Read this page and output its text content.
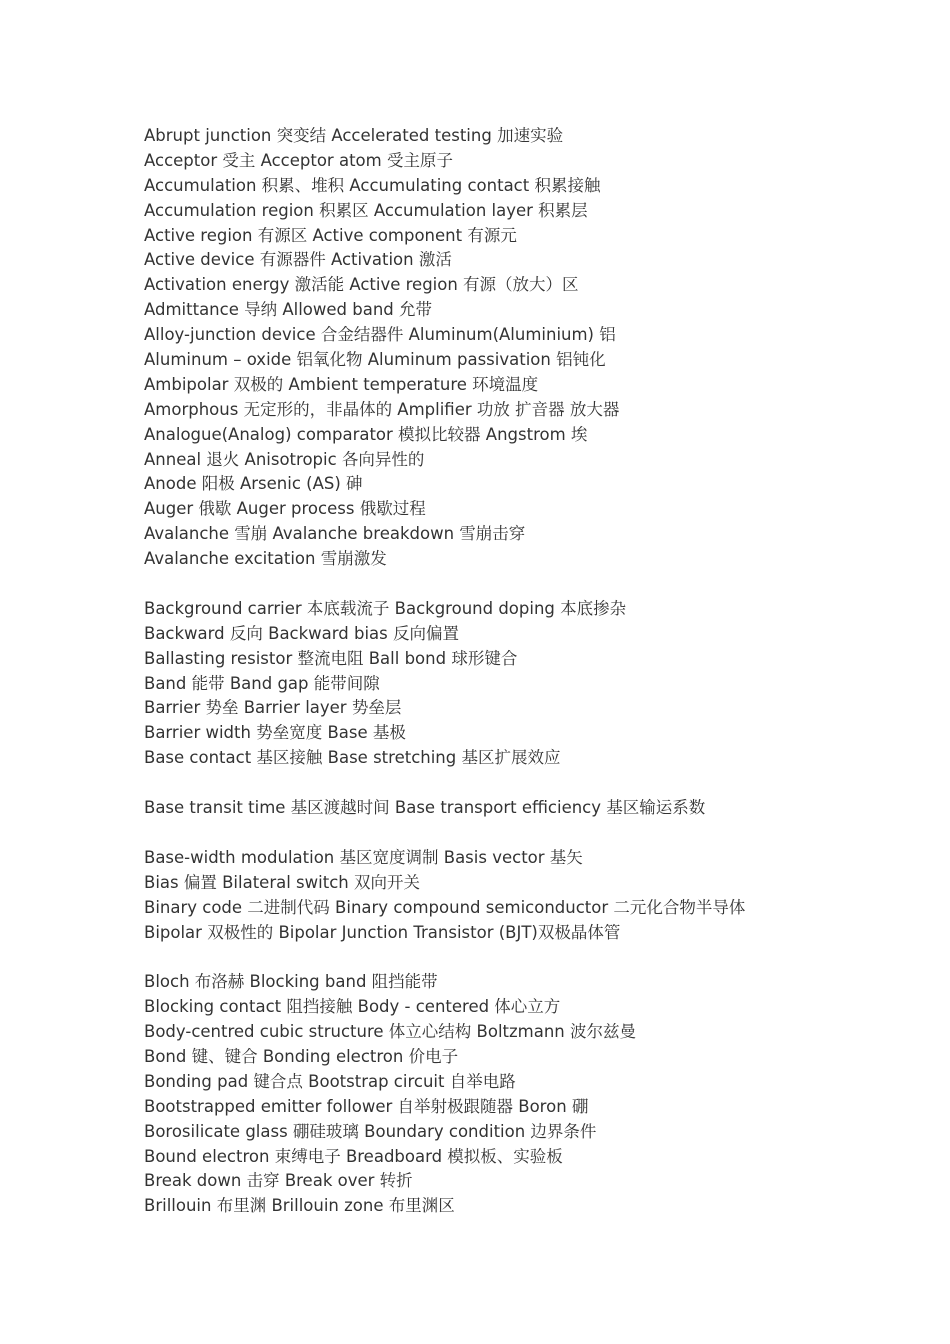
Abrupt junction 突变结 Accelerated testing 加速实验
Acceptor 受主 Acceptor atom 受主原子
Accumulation 积累、堆积 Accumulating contact 积累接触
Accumulation region 积累区 Accumulation layer 积累层
Active region 有源区 Active component 有源元
Active device 有源器件 Activation 激活
Activation energy 激活能 Active region 有源（放大）区
Admittance 导纳 Allowed band 允带
Alloy-junction device 合金结器件 Aluminum(Aluminium) 铝
Aluminum – oxide 铝氧化物 Aluminum passivation 铝钝化
Ambipolar 双极的 Ambient temperature 环境温度
Amorphous 无定形的，非晶体的 Amplifier 功放 扩音器 放大器
Analogue(Analog) comparator 模拟比较器 Angstrom 埃
Anneal 退火 Anisotropic 各向异性的
Anode 阳极 Arsenic (AS) 砷
Auger 俄歇 Auger process 俄歇过程
Avalanche 雪崩 Avalanche breakdown 雪崩击穿
Avalanche excitation 雪崩激发
Background carrier 本底载流子 Background doping 本底掺杂
Backward 反向 Backward bias 反向偏置
Ballasting resistor 整流电阻 Ball bond 球形键合
Band 能带 Band gap 能带间隙
Barrier 势垒 Barrier layer 势垒层
Barrier width 势垒宽度 Base 基极
Base contact 基区接触 Base stretching 基区扩展效应
Base transit time 基区渡越时间 Base transport efficiency 基区输运系数
Base-width modulation 基区宽度调制 Basis vector 基矢
Bias 偏置 Bilateral switch 双向开关
Binary code 二进制代码 Binary compound semiconductor 二元化合物半导体
Bipolar 双极性的 Bipolar Junction Transistor (BJT)双极晶体管
Bloch 布洛赫 Blocking band 阻挡能带
Blocking contact 阻挡接触 Body - centered 体心立方
Body-centred cubic structure 体立心结构 Boltzmann 波尔兹曼
Bond 键、键合 Bonding electron 价电子
Bonding pad 键合点 Bootstrap circuit 自举电路
Bootstrapped emitter follower 自举射极跟随器 Boron 硼
Borosilicate glass 硼硅玻璃 Boundary condition 边界条件
Bound electron 束缚电子 Breadboard 模拟板、实验板
Break down 击穿 Break over 转折
Brillouin 布里渊 Brillouin zone 布里渊区
